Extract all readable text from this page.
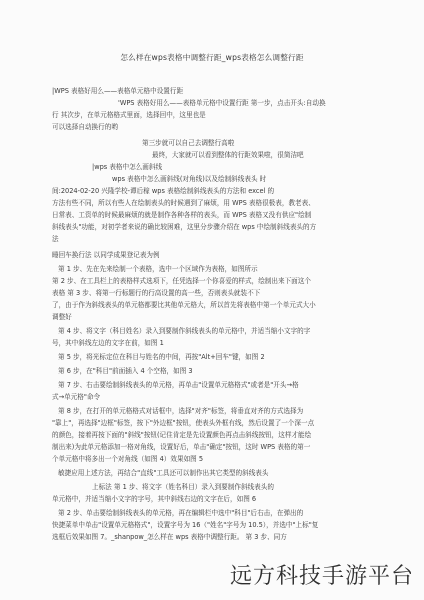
怎么样在wps表格中调整行距_wps表格怎么调整行距
|WPS 表格好用么——表格单元格中设置行距
'WPS 表格好用么——表格单元格中设置行距 第一步，点击开头:自动换
行 其次步，在单元格格式里面，选择回中，这里也是
可以选择自动换行的哟
第三步就可以自己去调整行高啦
最终，大家就可以看到整体的行距效果啦，很简洁吧
|wps 表格中怎么画斜线
wps 表格中怎么画斜线(对角线)以及绘制斜线表头 时
间:2024-02-20 兴隆学校-谭后稼 wps 表格绘制斜线表头的方法和 excel 的
方法有些不同，所以有些人在绘制表头的时候遇到了麻烦，用 WPS 表格很极表，教老表、
日常表、工资单的时候最麻烦的就是制作各种各样的表头，而 WPS 表格又没有供应"绘制
斜线表头"功能，对初学者来说的确比较困难，这里分步骤介绍在 wps 中绘制斜线表头的方
法
睡回车换行法 以同学成果登记表为例
第 1 步、先在先来绘制一个表格，选中一个区域作为表格，如图所示
第 2 步、在工具栏上的表格样式选项下，任凭选择一个你喜爱的样式，绘制出来下面这个
表格 第 3 步、将第一行标题行的行高设置的高一些，否则表头就装不下
了，由于作为斜线表头的单元格都要比其他单元格大，所以首先将表格中第一个单元式大小
调整好
第 4 步、将文字（科目姓名）录入到要制作斜线表头的单元格中，并适当缩小文字的字
号，其中斜线左边的文字在前，如图 1
第 5 步，将光标定位在科目与姓名的中间，再按"Alt+回车"键，如图 2
第 6 步，在"科目"前面插入 4 个空格，如图 3
第 7 步、右击要绘制斜线表头的单元格，再单击"设置单元格格式"或者是"开头→格
式→单元格"命令
第 8 步，在打开的单元格格式对话框中，选择"对齐"标签，将垂直对齐的方式选择为
"靠上"，再选择"边框"标签，按下"外边框"按钮，使表头外框有线，然后设置了一个深一点
的颜色，接着再按下面的"斜线"按钮(记住肯定是先设置颜色再点击斜线按钮，这样才能绘
制出来)为此单元格添加一格对角线，设置好后，单击"确定"按钮，这时 WPS 表格的第一
个单元格中将多出一个对角线（如图 4）效果如图 5
敏捷应用上述方法，再结合"直线"工具还可以制作出其它类型的斜线表头
上标法 第 1 步、将文字（姓名科目）录入到要制作斜线表头的
单元格中，并适当缩小文字的字号，其中斜线右边的文字在后，如图 6
第 2 步、单击要绘制斜线表头的单元格，再在编辑栏中选中"科目"后右击，在弹出的
快捷菜单中单击"设置单元格格式"，设置字号为 16（"姓名"字号为 10.5），并选中"上标"复
选框后效果如图 7。_shanpow_怎么样在 wps 表格中调整行距。 第 3 步、同方
远方科技手游平台
